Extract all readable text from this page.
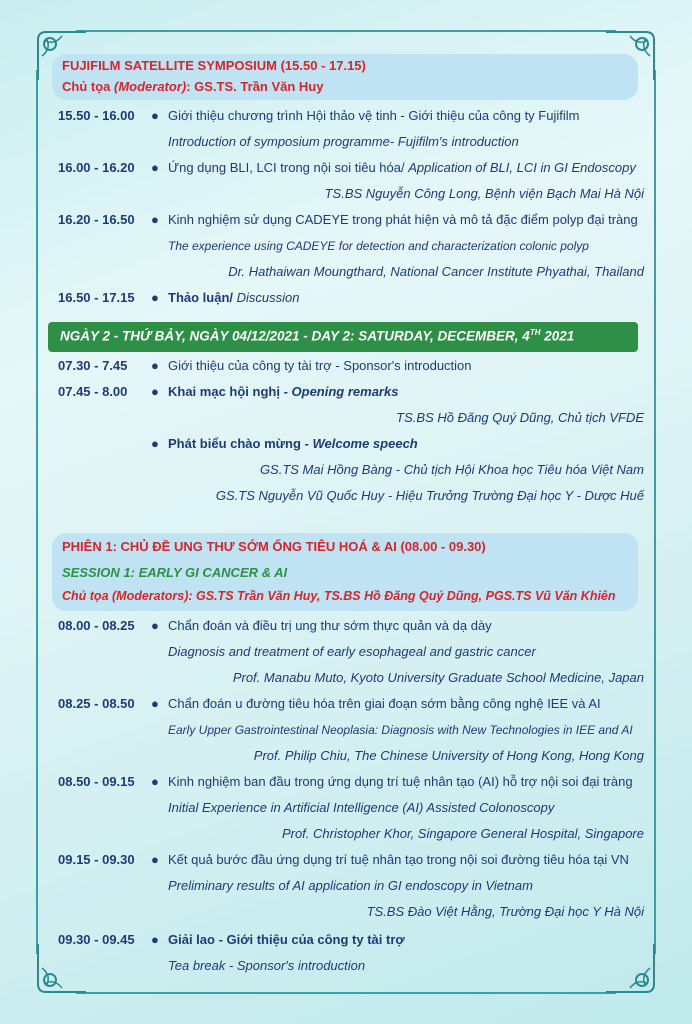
FUJIFILM SATELLITE SYMPOSIUM (15.50 - 17.15)
Chủ tọa (Moderator): GS.TS. Trần Văn Huy
15.50 - 16.00	● Giới thiệu chương trình Hội thảo vệ tinh - Giới thiệu của công ty Fujifilm
Introduction of symposium programme- Fujifilm's introduction
16.00 - 16.20	● Ứng dụng BLI, LCI trong nội soi tiêu hóa/ Application of BLI, LCI in GI Endoscopy
TS.BS Nguyễn Công Long, Bệnh viện Bạch Mai Hà Nội
16.20 - 16.50	● Kinh nghiệm sử dụng CADEYE trong phát hiện và mô tả đặc điểm polyp đại tràng
The experience using CADEYE for detection and characterization colonic polyp
Dr. Hathaiwan Moungthard, National Cancer Institute Phyathai, Thailand
16.50 - 17.15	● Thảo luận/ Discussion
NGÀY 2 - THỨ BẢY, NGÀY 04/12/2021 - DAY 2: SATURDAY, DECEMBER, 4TH 2021
07.30 - 7.45	● Giới thiệu của công ty tài trợ - Sponsor's introduction
07.45 - 8.00	● Khai mạc hội nghị - Opening remarks
TS.BS Hồ Đăng Quý Dũng, Chủ tịch VFDE
● Phát biểu chào mừng - Welcome speech
GS.TS Mai Hồng Bàng - Chủ tịch Hội Khoa học Tiêu hóa Việt Nam
GS.TS Nguyễn Vũ Quốc Huy - Hiệu Trưởng Trường Đại học Y - Dược Huế
PHIÊN 1: CHỦ ĐỀ UNG THƯ SỚM ỐNG TIÊU HOÁ & AI (08.00 - 09.30)
SESSION 1: EARLY GI CANCER & AI
Chủ tọa (Moderators): GS.TS Trần Văn Huy, TS.BS Hồ Đăng Quý Dũng, PGS.TS Vũ Văn Khiên
08.00 - 08.25	● Chẩn đoán và điều trị ung thư sớm thực quản và dạ dày
Diagnosis and treatment of early esophageal and gastric cancer
Prof. Manabu Muto, Kyoto University Graduate School Medicine, Japan
08.25 - 08.50	● Chẩn đoán u đường tiêu hóa trên giai đoạn sớm bằng công nghệ IEE và AI
Early Upper Gastrointestinal Neoplasia: Diagnosis with New Technologies in IEE and AI
Prof. Philip Chiu, The Chinese University of Hong Kong, Hong Kong
08.50 - 09.15	● Kinh nghiệm ban đầu trong ứng dụng trí tuệ nhân tạo (AI) hỗ trợ nội soi đại tràng
Initial Experience in Artificial Intelligence (AI) Assisted Colonoscopy
Prof. Christopher Khor, Singapore General Hospital, Singapore
09.15 - 09.30	● Kết quả bước đầu ứng dụng trí tuệ nhân tạo trong nội soi đường tiêu hóa tại VN
Preliminary results of AI application in GI endoscopy in Vietnam
TS.BS Đào Việt Hằng, Trường Đại học Y Hà Nội
09.30 - 09.45	● Giải lao - Giới thiệu của công ty tài trợ
Tea break - Sponsor's introduction
